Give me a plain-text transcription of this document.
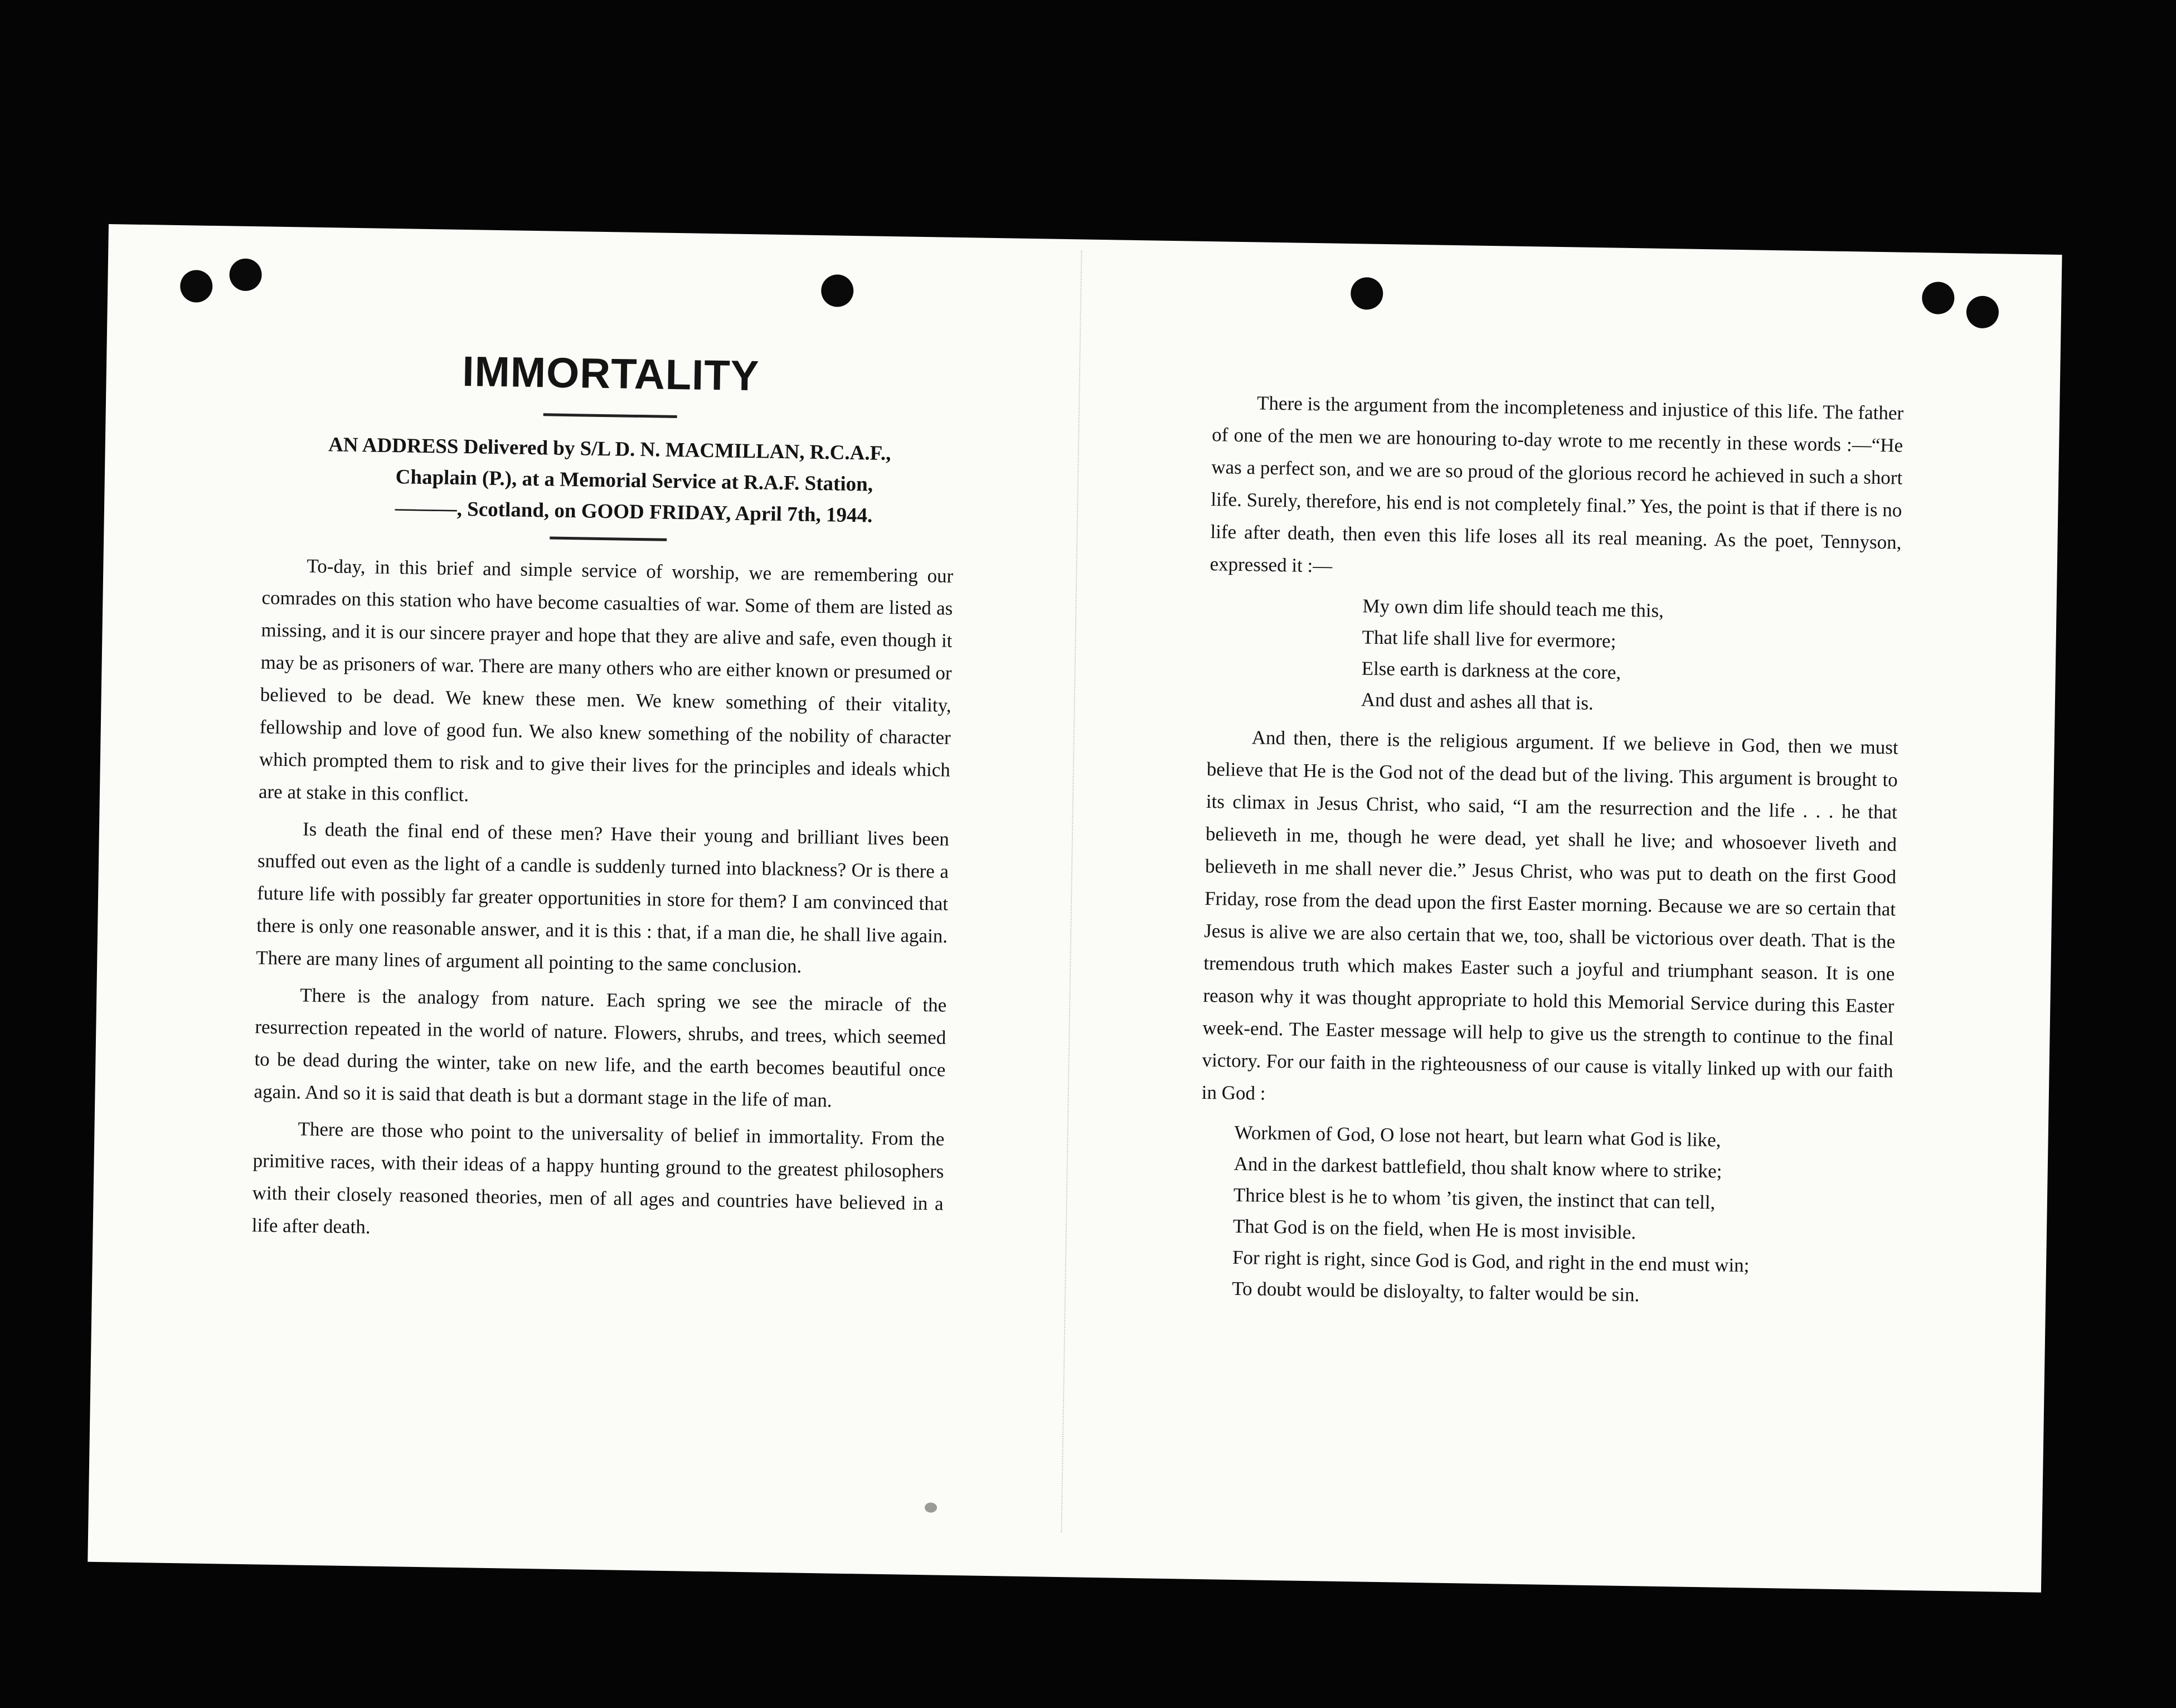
IMMORTALITY

AN ADDRESS Delivered by S/L D. N. MACMILLAN, R.C.A.F.,
Chaplain (P.), at a Memorial Service at R.A.F. Station,
———, Scotland, on GOOD FRIDAY, April 7th, 1944.

To-day, in this brief and simple service of worship, we are remembering our comrades on this station who have become casualties of war. Some of them are listed as missing, and it is our sincere prayer and hope that they are alive and safe, even though it may be as prisoners of war. There are many others who are either known or presumed or believed to be dead. We knew these men. We knew something of their vitality, fellowship and love of good fun. We also knew something of the nobility of character which prompted them to risk and to give their lives for the principles and ideals which are at stake in this conflict.

Is death the final end of these men? Have their young and brilliant lives been snuffed out even as the light of a candle is suddenly turned into blackness? Or is there a future life with possibly far greater opportunities in store for them? I am convinced that there is only one reasonable answer, and it is this : that, if a man die, he shall live again. There are many lines of argument all pointing to the same conclusion.

There is the analogy from nature. Each spring we see the miracle of the resurrection repeated in the world of nature. Flowers, shrubs, and trees, which seemed to be dead during the winter, take on new life, and the earth becomes beautiful once again. And so it is said that death is but a dormant stage in the life of man.

There are those who point to the universality of belief in immortality. From the primitive races, with their ideas of a happy hunting ground to the greatest philosophers with their closely reasoned theories, men of all ages and countries have believed in a life after death.

There is the argument from the incompleteness and injustice of this life. The father of one of the men we are honouring to-day wrote to me recently in these words :—“He was a perfect son, and we are so proud of the glorious record he achieved in such a short life. Surely, therefore, his end is not completely final.” Yes, the point is that if there is no life after death, then even this life loses all its real meaning. As the poet, Tennyson, expressed it :—

My own dim life should teach me this,
That life shall live for evermore;
Else earth is darkness at the core,
And dust and ashes all that is.

And then, there is the religious argument. If we believe in God, then we must believe that He is the God not of the dead but of the living. This argument is brought to its climax in Jesus Christ, who said, “I am the resurrection and the life . . . he that believeth in me, though he were dead, yet shall he live; and whosoever liveth and believeth in me shall never die.” Jesus Christ, who was put to death on the first Good Friday, rose from the dead upon the first Easter morning. Because we are so certain that Jesus is alive we are also certain that we, too, shall be victorious over death. That is the tremendous truth which makes Easter such a joyful and triumphant season. It is one reason why it was thought appropriate to hold this Memorial Service during this Easter week-end. The Easter message will help to give us the strength to continue to the final victory. For our faith in the righteousness of our cause is vitally linked up with our faith in God :

Workmen of God, O lose not heart, but learn what God is like,
And in the darkest battlefield, thou shalt know where to strike;
Thrice blest is he to whom ’tis given, the instinct that can tell,
That God is on the field, when He is most invisible.
For right is right, since God is God, and right in the end must win;
To doubt would be disloyalty, to falter would be sin.
